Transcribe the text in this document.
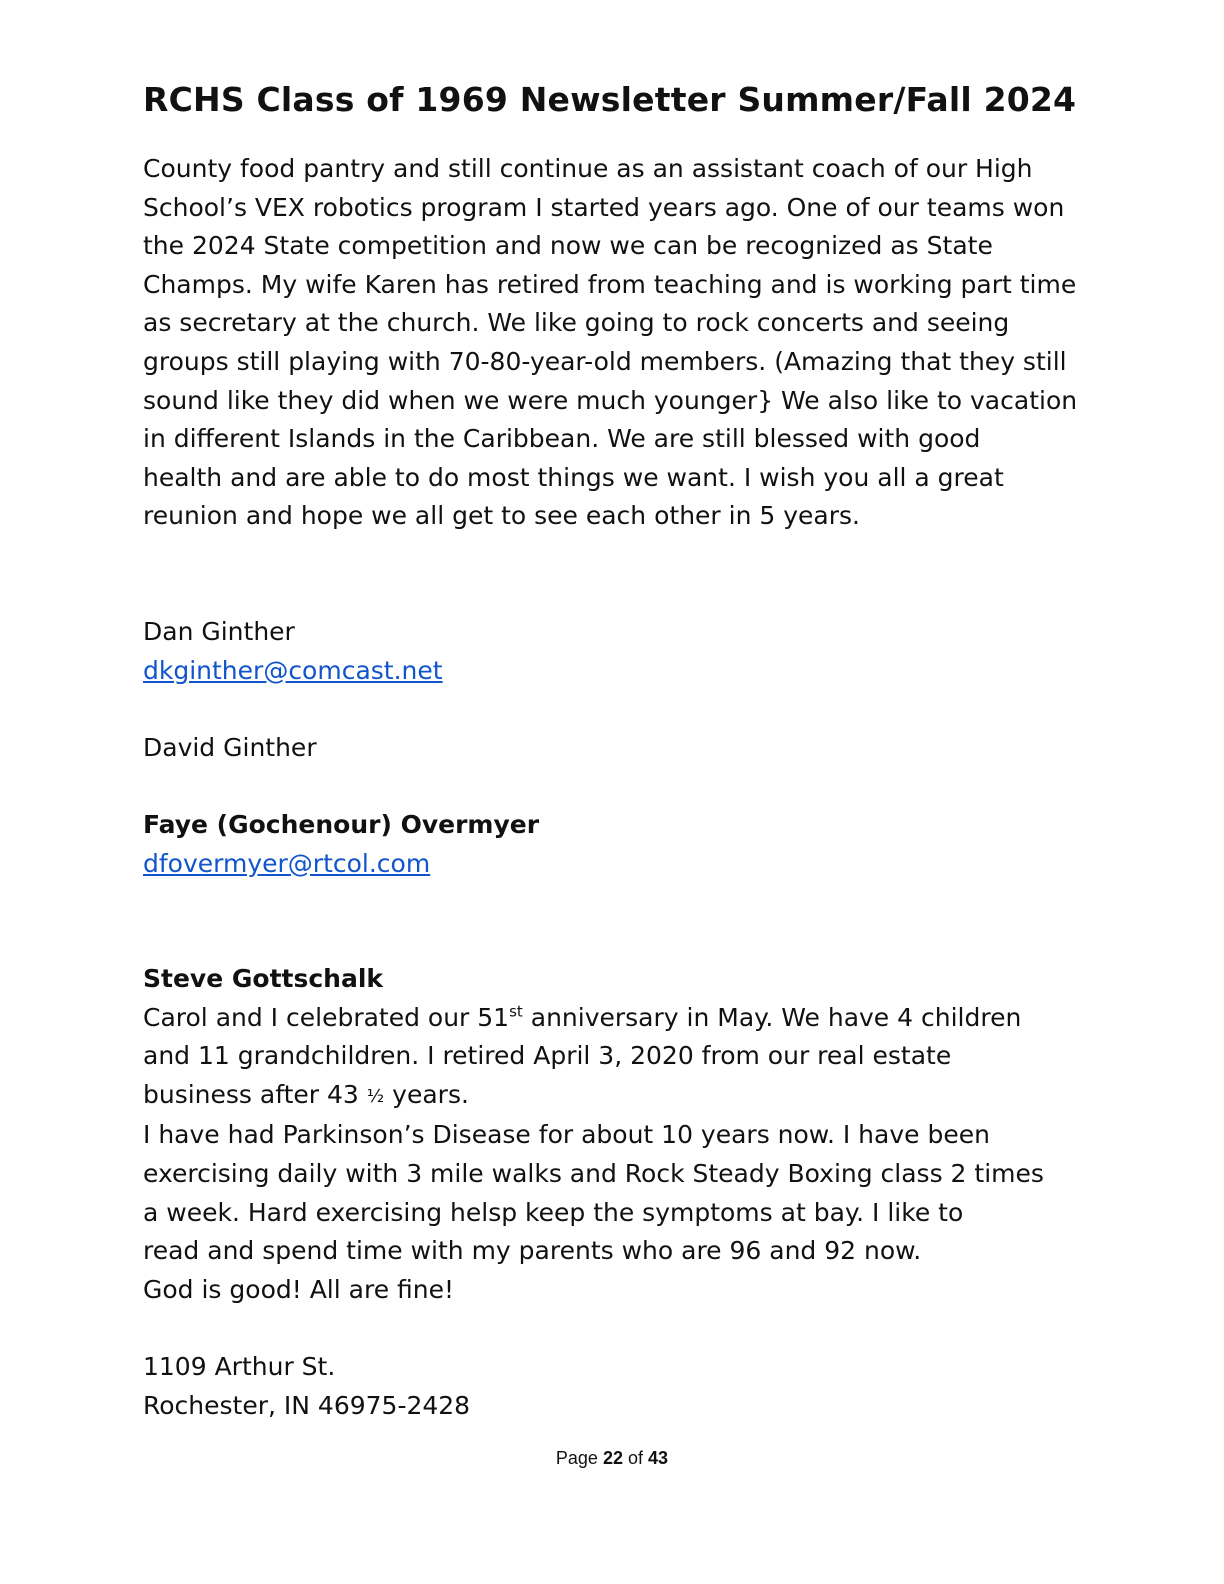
RCHS Class of 1969 Newsletter Summer/Fall 2024

County food pantry and still continue as an assistant coach of our High
School’s VEX robotics program I started years ago. One of our teams won
the 2024 State competition and now we can be recognized as State
Champs. My wife Karen has retired from teaching and is working part time
as secretary at the church. We like going to rock concerts and seeing
groups still playing with 70-80-year-old members. (Amazing that they still
sound like they did when we were much younger} We also like to vacation
in different Islands in the Caribbean. We are still blessed with good
health and are able to do most things we want. I wish you all a great
reunion and hope we all get to see each other in 5 years.

Dan Ginther
dkginther@comcast.net
David Ginther
Faye (Gochenour) Overmyer
dfovermyer@rtcol.com
Steve Gottschalk
Carol and I celebrated our 51st anniversary in May. We have 4 children
and 11 grandchildren. I retired April 3, 2020 from our real estate
business after 43 ½ years.
I have had Parkinson’s Disease for about 10 years now. I have been
exercising daily with 3 mile walks and Rock Steady Boxing class 2 times
a week. Hard exercising helsp keep the symptoms at bay. I like to
read and spend time with my parents who are 96 and 92 now.
God is good! All are fine!

1109 Arthur St.
Rochester, IN 46975-2428
Page 22 of 43
